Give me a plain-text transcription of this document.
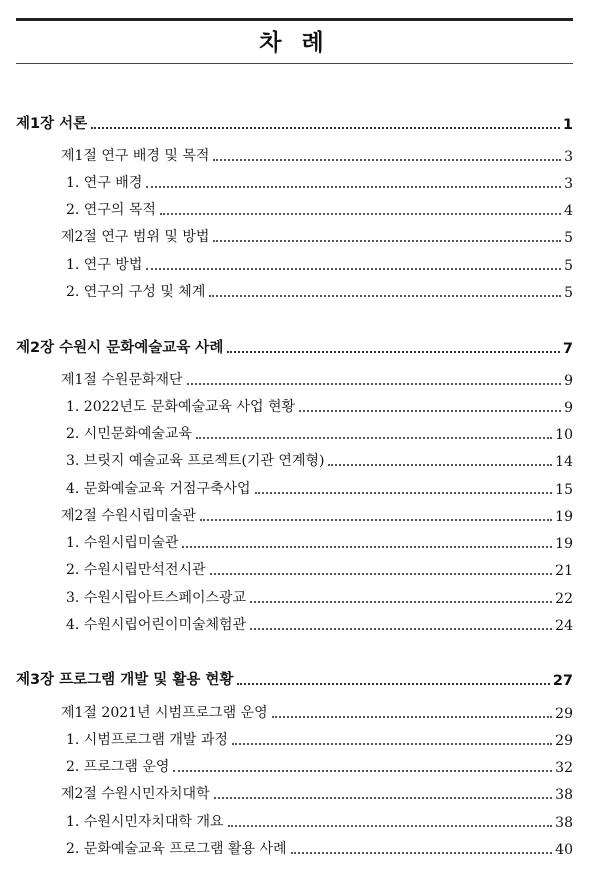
차 례
제1장 서론	1
제1절 연구 배경 및 목적	3
1. 연구 배경	3
2. 연구의 목적	4
제2절 연구 범위 및 방법	5
1. 연구 방법	5
2. 연구의 구성 및 체계	5
제2장 수원시 문화예술교육 사례	7
제1절 수원문화재단	9
1. 2022년도 문화예술교육 사업 현황	9
2. 시민문화예술교육	10
3. 브릿지 예술교육 프로젝트(기관 연계형)	14
4. 문화예술교육 거점구축사업	15
제2절 수원시립미술관	19
1. 수원시립미술관	19
2. 수원시립만석전시관	21
3. 수원시립아트스페이스광교	22
4. 수원시립어린이미술체험관	24
제3장 프로그램 개발 및 활용 현황	27
제1절 2021년 시범프로그램 운영	29
1. 시범프로그램 개발 과정	29
2. 프로그램 운영	32
제2절 수원시민자치대학	38
1. 수원시민자치대학 개요	38
2. 문화예술교육 프로그램 활용 사례	40
